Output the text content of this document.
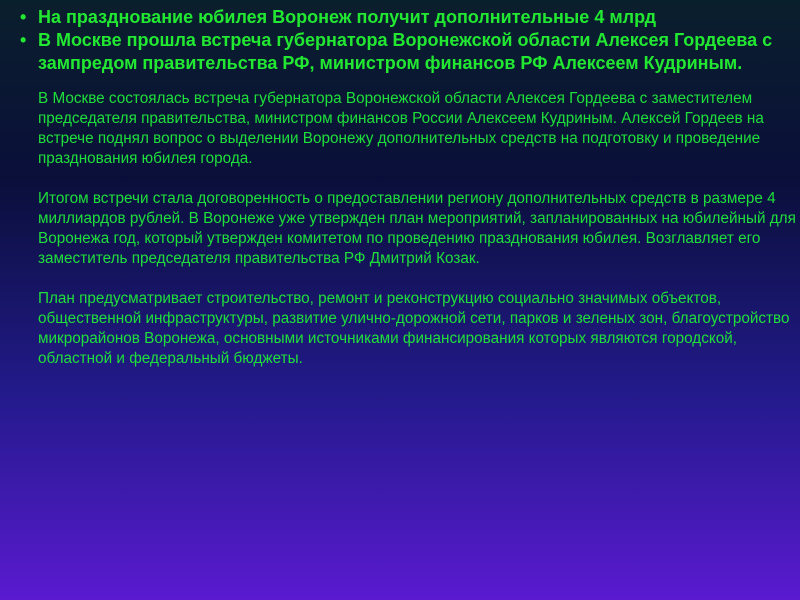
• На празднование юбилея Воронеж получит дополнительные 4 млрд
• В Москве прошла встреча губернатора Воронежской области Алексея Гордеева с зампредом правительства РФ, министром финансов РФ Алексеем Кудриным.

В Москве состоялась встреча губернатора Воронежской области Алексея Гордеева с заместителем председателя правительства, министром финансов России Алексеем Кудриным. Алексей Гордеев на встрече поднял вопрос о выделении Воронежу дополнительных средств на подготовку и проведение празднования юбилея города.

Итогом встречи стала договоренность о предоставлении региону дополнительных средств в размере 4 миллиардов рублей. В Воронеже уже утвержден план мероприятий, запланированных на юбилейный для Воронежа год, который утвержден комитетом по проведению празднования юбилея. Возглавляет его заместитель председателя правительства РФ Дмитрий Козак.

План предусматривает строительство, ремонт и реконструкцию социально значимых объектов, общественной инфраструктуры, развитие улично-дорожной сети, парков и зеленых зон, благоустройство микрорайонов Воронежа, основными источниками финансирования которых являются городской, областной и федеральный бюджеты.
